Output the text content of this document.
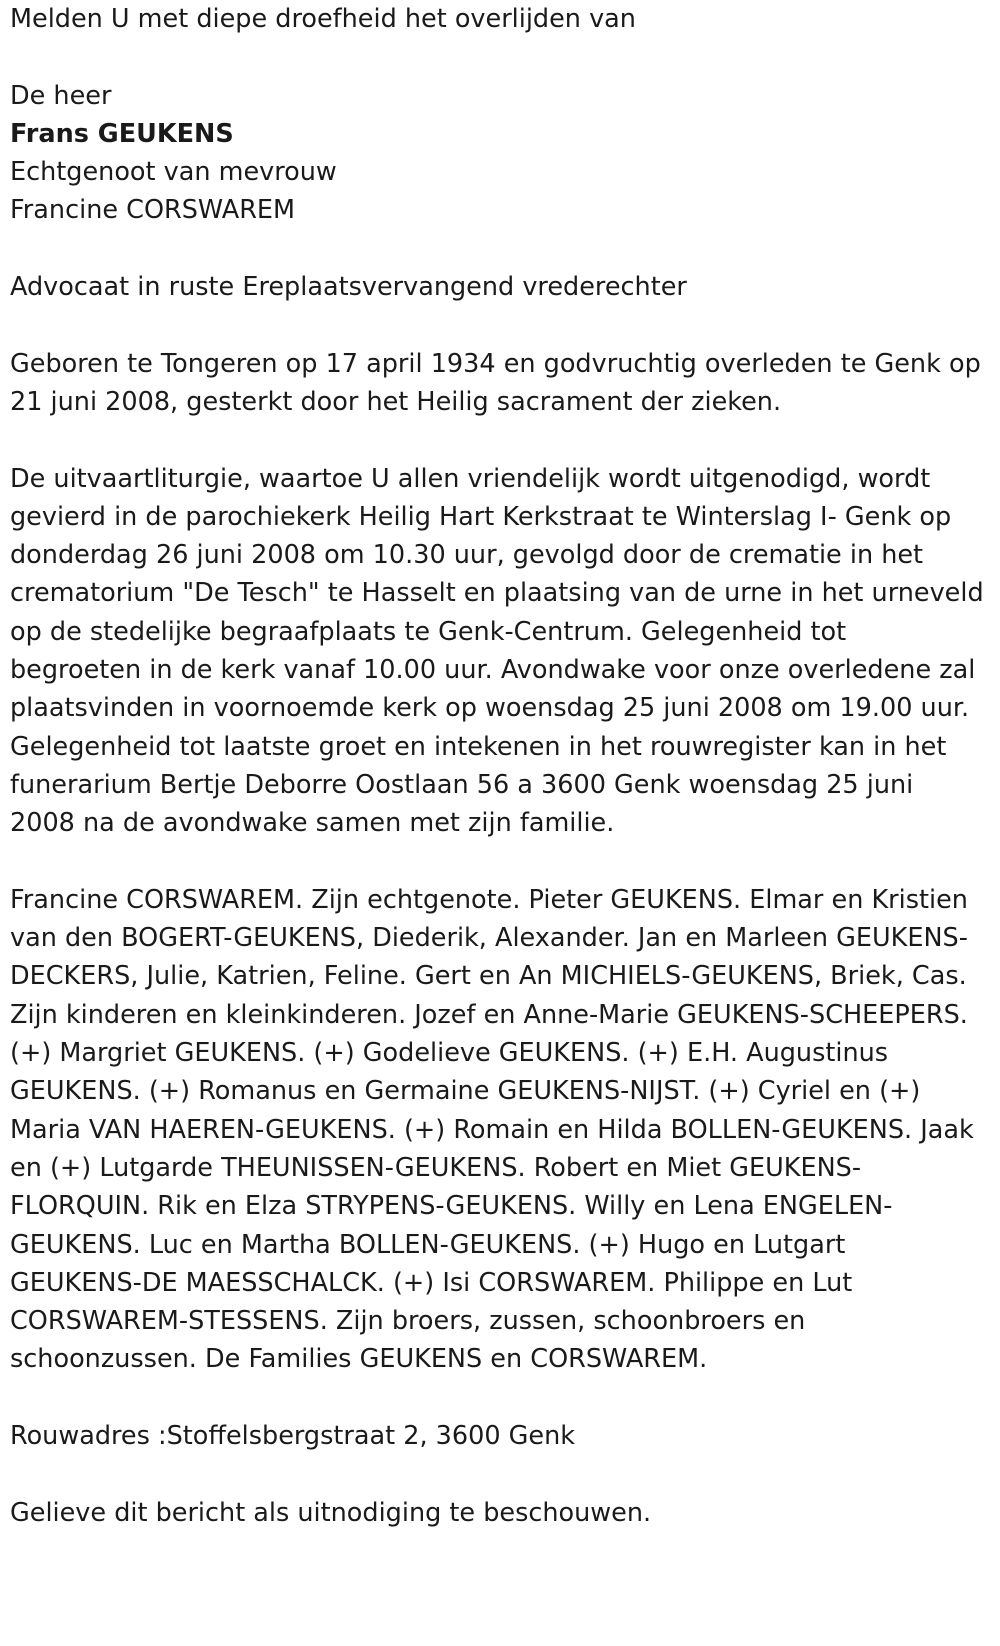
Melden U met diepe droefheid het overlijden van

De heer

Frans GEUKENS

Echtgenoot van mevrouw

Francine CORSWAREM

Advocaat in ruste Ereplaatsvervangend vrederechter

Geboren te Tongeren op 17 april 1934 en godvruchtig overleden te Genk op 21 juni 2008, gesterkt door het Heilig sacrament der zieken.

De uitvaartliturgie, waartoe U allen vriendelijk wordt uitgenodigd, wordt gevierd in de parochiekerk Heilig Hart Kerkstraat te Winterslag I- Genk op donderdag 26 juni 2008 om 10.30 uur, gevolgd door de crematie in het crematorium "De Tesch" te Hasselt en plaatsing van de urne in het urneveld op de stedelijke begraafplaats te Genk-Centrum. Gelegenheid tot begroeten in de kerk vanaf 10.00 uur. Avondwake voor onze overledene zal plaatsvinden in voornoemde kerk op woensdag 25 juni 2008 om 19.00 uur. Gelegenheid tot laatste groet en intekenen in het rouwregister kan in het funerarium Bertje Deborre Oostlaan 56 a 3600 Genk woensdag 25 juni 2008 na de avondwake samen met zijn familie.

Francine CORSWAREM. Zijn echtgenote. Pieter GEUKENS. Elmar en Kristien van den BOGERT-GEUKENS, Diederik, Alexander. Jan en Marleen GEUKENS-DECKERS, Julie, Katrien, Feline. Gert en An MICHIELS-GEUKENS, Briek, Cas. Zijn kinderen en kleinkinderen. Jozef en Anne-Marie GEUKENS-SCHEEPERS. (+) Margriet GEUKENS. (+) Godelieve GEUKENS. (+) E.H. Augustinus GEUKENS. (+) Romanus en Germaine GEUKENS-NIJST. (+) Cyriel en (+) Maria VAN HAEREN-GEUKENS. (+) Romain en Hilda BOLLEN-GEUKENS. Jaak en (+) Lutgarde THEUNISSEN-GEUKENS. Robert en Miet GEUKENS-FLORQUIN. Rik en Elza STRYPENS-GEUKENS. Willy en Lena ENGELEN-GEUKENS. Luc en Martha BOLLEN-GEUKENS. (+) Hugo en Lutgart GEUKENS-DE MAESSCHALCK. (+) Isi CORSWAREM. Philippe en Lut CORSWAREM-STESSENS. Zijn broers, zussen, schoonbroers en schoonzussen. De Families GEUKENS en CORSWAREM.

Rouwadres :Stoffelsbergstraat 2, 3600 Genk

Gelieve dit bericht als uitnodiging te beschouwen.
